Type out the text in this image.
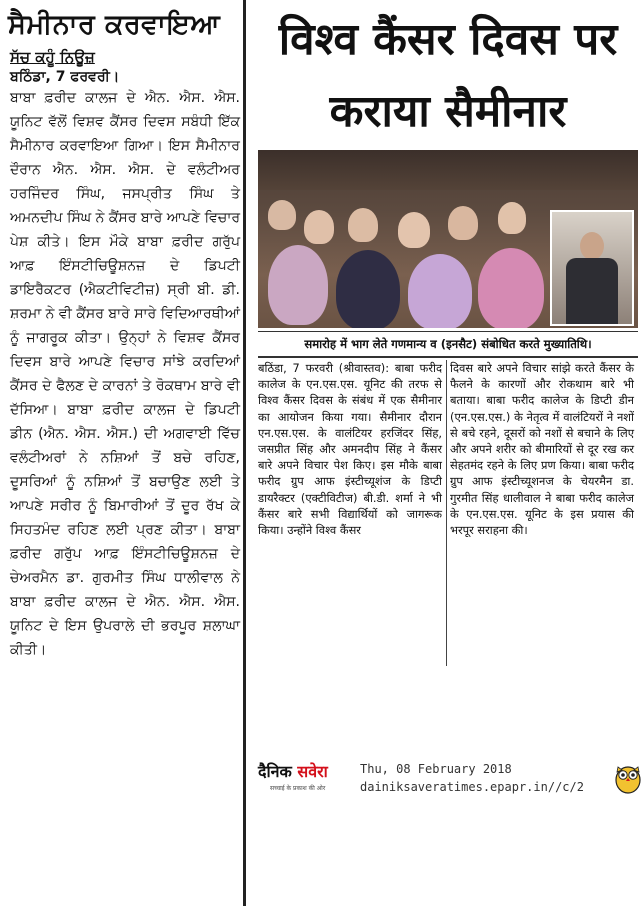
ਸੈਮੀਨਾਰ ਕਰਵਾਇਆ
ਸੱਚ ਕਹੂੰ ਨਿਊਜ਼
ਬਠਿੰਡਾ, 7 ਫਰਵਰੀ।
ਬਾਬਾ ਫ਼ਰੀਦ ਕਾਲਜ ਦੇ ਐਨ. ਐਸ. ਐਸ. ਯੂਨਿਟ ਵੱਲੋਂ ਵਿਸ਼ਵ ਕੈਂਸਰ ਦਿਵਸ ਸਬੰਧੀ ਇੱਕ ਸੈਮੀਨਾਰ ਕਰਵਾਇਆ ਗਿਆ। ਇਸ ਸੈਮੀਨਾਰ ਦੌਰਾਨ ਐਨ. ਐਸ. ਐਸ. ਦੇ ਵਲੰਟੀਅਰ ਹਰਜਿੰਦਰ ਸਿੰਘ, ਜਸਪ੍ਰੀਤ ਸਿੰਘ ਤੇ ਅਮਨਦੀਪ ਸਿੰਘ ਨੇ ਕੈਂਸਰ ਬਾਰੇ ਆਪਣੇ ਵਿਚਾਰ ਪੇਸ਼ ਕੀਤੇ। ਇਸ ਮੌਕੇ ਬਾਬਾ ਫ਼ਰੀਦ ਗਰੁੱਪ ਆਫ਼ ਇੰਸਟੀਚਿਊਸ਼ਨਜ਼ ਦੇ ਡਿਪਟੀ ਡਾਇਰੈਕਟਰ (ਐਕਟੀਵਿਟੀਜ਼) ਸ੍ਰੀ ਬੀ. ਡੀ. ਸ਼ਰਮਾ ਨੇ ਵੀ ਕੈਂਸਰ ਬਾਰੇ ਸਾਰੇ ਵਿਦਿਆਰਥੀਆਂ ਨੂੰ ਜਾਗਰੂਕ ਕੀਤਾ। ਉਨ੍ਹਾਂ ਨੇ ਵਿਸ਼ਵ ਕੈਂਸਰ ਦਿਵਸ ਬਾਰੇ ਆਪਣੇ ਵਿਚਾਰ ਸਾਂਝੇ ਕਰਦਿਆਂ ਕੈਂਸਰ ਦੇ ਫੈਲਣ ਦੇ ਕਾਰਨਾਂ ਤੇ ਰੋਕਥਾਮ ਬਾਰੇ ਵੀ ਦੱਸਿਆ। ਬਾਬਾ ਫ਼ਰੀਦ ਕਾਲਜ ਦੇ ਡਿਪਟੀ ਡੀਨ (ਐਨ. ਐਸ. ਐਸ.) ਦੀ ਅਗਵਾਈ ਵਿੱਚ ਵਲੰਟੀਅਰਾਂ ਨੇ ਨਸ਼ਿਆਂ ਤੋਂ ਬਚੇ ਰਹਿਣ, ਦੂਸਰਿਆਂ ਨੂੰ ਨਸ਼ਿਆਂ ਤੋਂ ਬਚਾਉਣ ਲਈ ਤੇ ਆਪਣੇ ਸਰੀਰ ਨੂੰ ਬਿਮਾਰੀਆਂ ਤੋਂ ਦੂਰ ਰੱਖ ਕੇ ਸਿਹਤਮੰਦ ਰਹਿਣ ਲਈ ਪ੍ਰਣ ਕੀਤਾ। ਬਾਬਾ ਫ਼ਰੀਦ ਗਰੁੱਪ ਆਫ਼ ਇੰਸਟੀਚਿਊਸ਼ਨਜ਼ ਦੇ ਚੇਅਰਮੈਨ ਡਾ. ਗੁਰਮੀਤ ਸਿੰਘ ਧਾਲੀਵਾਲ ਨੇ ਬਾਬਾ ਫ਼ਰੀਦ ਕਾਲਜ ਦੇ ਐਨ. ਐਸ. ਐਸ. ਯੂਨਿਟ ਦੇ ਇਸ ਉਪਰਾਲੇ ਦੀ ਭਰਪੂਰ ਸ਼ਲਾਘਾ ਕੀਤੀ।
विश्व कैंसर दिवस पर
कराया सैमीनार
समारोह में भाग लेते गणमान्य व (इनसैट) संबोधित करते मुख्यातिथि।
बठिंडा, 7 फरवरी (श्रीवास्तव): बाबा फरीद कालेज के एन.एस.एस. यूनिट की तरफ से विश्व कैंसर दिवस के संबंध में एक सैमीनार का आयोजन किया गया। सैमीनार दौरान एन.एस.एस. के वालंटियर हरजिंदर सिंह, जसप्रीत सिंह और अमनदीप सिंह ने कैंसर बारे अपने विचार पेश किए। इस मौके बाबा फरीद ग्रुप आफ इंस्टीच्यूशंज के डिप्टी डायरैक्टर (एक्टीविटीज) बी.डी. शर्मा ने भी कैंसर बारे सभी विद्यार्थियों को जागरूक किया। उन्होंने विश्व कैंसर
दिवस बारे अपने विचार सांझे करते कैंसर के फैलने के कारणों और रोकथाम बारे भी बताया। बाबा फरीद कालेज के डिप्टी डीन (एन.एस.एस.) के नेतृत्व में वालंटियरों ने नशों से बचे रहने, दूसरों को नशों से बचाने के लिए और अपने शरीर को बीमारियों से दूर रख कर सेहतमंद रहने के लिए प्रण किया। बाबा फरीद ग्रुप आफ इंस्टीच्यूशनज के चेयरमैन डा. गुरमीत सिंह धालीवाल ने बाबा फरीद कालेज के एन.एस.एस. यूनिट के इस प्रयास की भरपूर सराहना की।
दैनिक सवेरा
सच्चाई के प्रकाश की ओर
Thu, 08 February 2018
dainiksaveratimes.epapr.in//c/2
